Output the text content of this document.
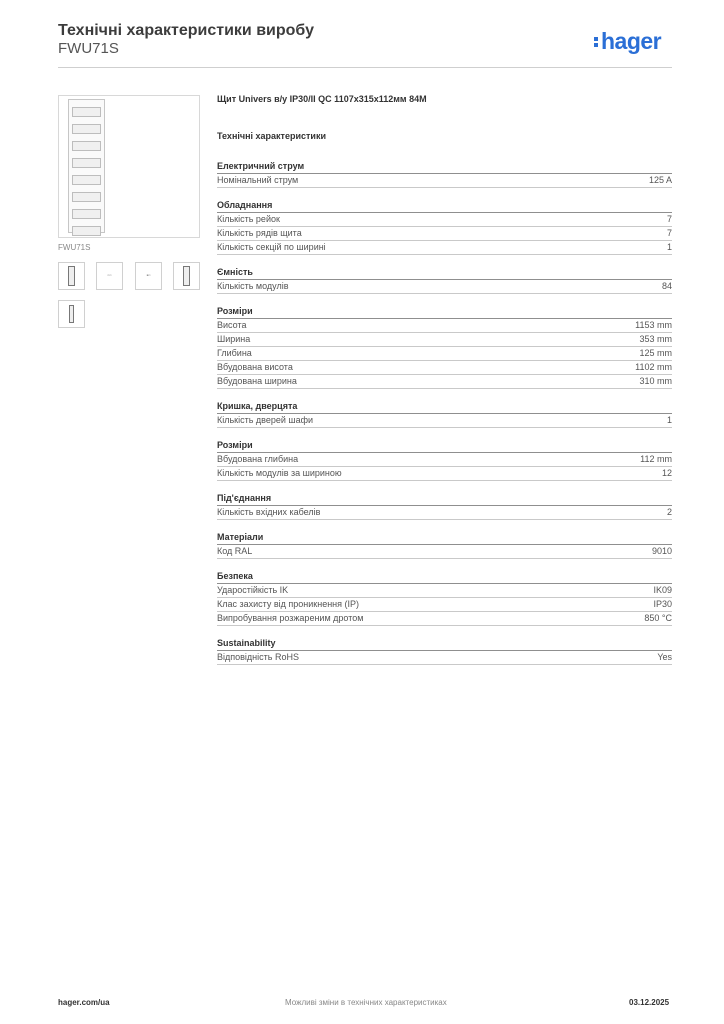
Технічні характеристики виробу
FWU71S	hager
FWU71S
▫▫	▪▫
Щит Univers в/у IP30/II QC 1107x315x112мм 84M
Технічні характеристики
Електричний струм
Номінальний струм	125 A
Обладнання
Кількість рейок	7
Кількість рядів щита	7
Кількість секцій по ширині	1
Ємність
Кількість модулів	84
Розміри
Висота	1153 mm
Ширина	353 mm
Глибина	125 mm
Вбудована висота	1102 mm
Вбудована ширина	310 mm
Кришка, дверцята
Кількість дверей шафи	1
Розміри
Вбудована глибина	112 mm
Кількість модулів за шириною	12
Під'єднання
Кількість вхідних кабелів	2
Матеріали
Код RAL	9010
Безпека
Ударостійкість IK	IK09
Клас захисту від проникнення (IP)	IP30
Випробування розжареним дротом	850 °C
Sustainability
Відповідність RoHS	Yes
hager.com/ua	Можливі зміни в технічних характеристиках	03.12.2025
